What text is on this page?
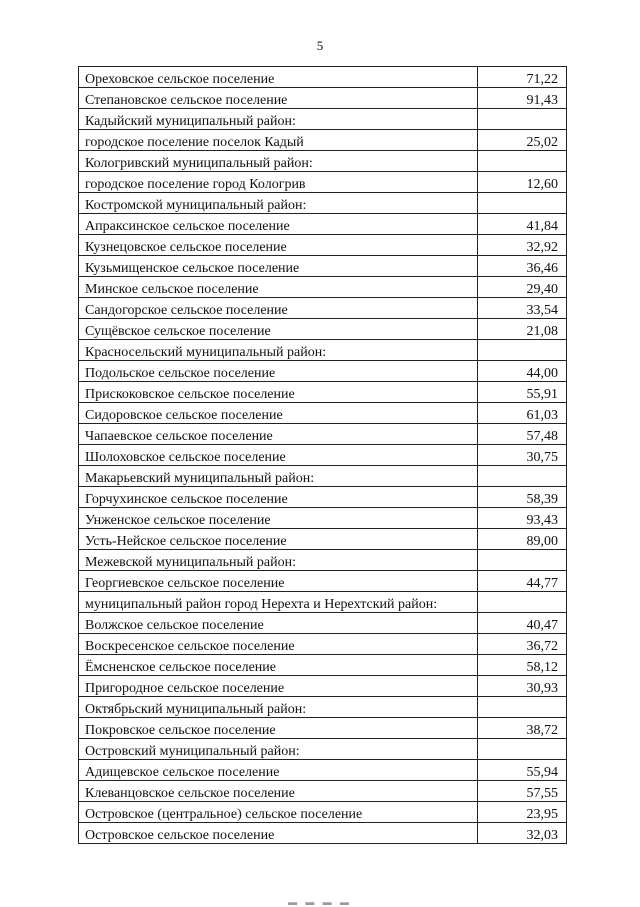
5
Ореховское сельское поселение	71,22
Степановское сельское поселение	91,43
Кадыйский муниципальный район:	
городское поселение поселок Кадый	25,02
Кологривский муниципальный район:	
городское поселение город Кологрив	12,60
Костромской муниципальный район:	
Апраксинское сельское поселение	41,84
Кузнецовское сельское поселение	32,92
Кузьмищенское сельское поселение	36,46
Минское сельское поселение	29,40
Сандогорское сельское поселение	33,54
Сущёвское сельское поселение	21,08
Красносельский муниципальный район:	
Подольское сельское поселение	44,00
Прискоковское сельское поселение	55,91
Сидоровское сельское поселение	61,03
Чапаевское сельское поселение	57,48
Шолоховское сельское поселение	30,75
Макарьевский муниципальный район:	
Горчухинское сельское поселение	58,39
Унженское сельское поселение	93,43
Усть-Нейское сельское поселение	89,00
Межевской муниципальный район:	
Георгиевское сельское поселение	44,77
муниципальный район город Нерехта и Нерехтский район:	
Волжское сельское поселение	40,47
Воскресенское сельское поселение	36,72
Ёмсненское сельское поселение	58,12
Пригородное сельское поселение	30,93
Октябрьский муниципальный район:	
Покровское сельское поселение	38,72
Островский муниципальный район:	
Адищевское сельское поселение	55,94
Клеванцовское сельское поселение	57,55
Островское (центральное) сельское поселение	23,95
Островское сельское поселение	32,03
▬ ▬ ▬ ▬
